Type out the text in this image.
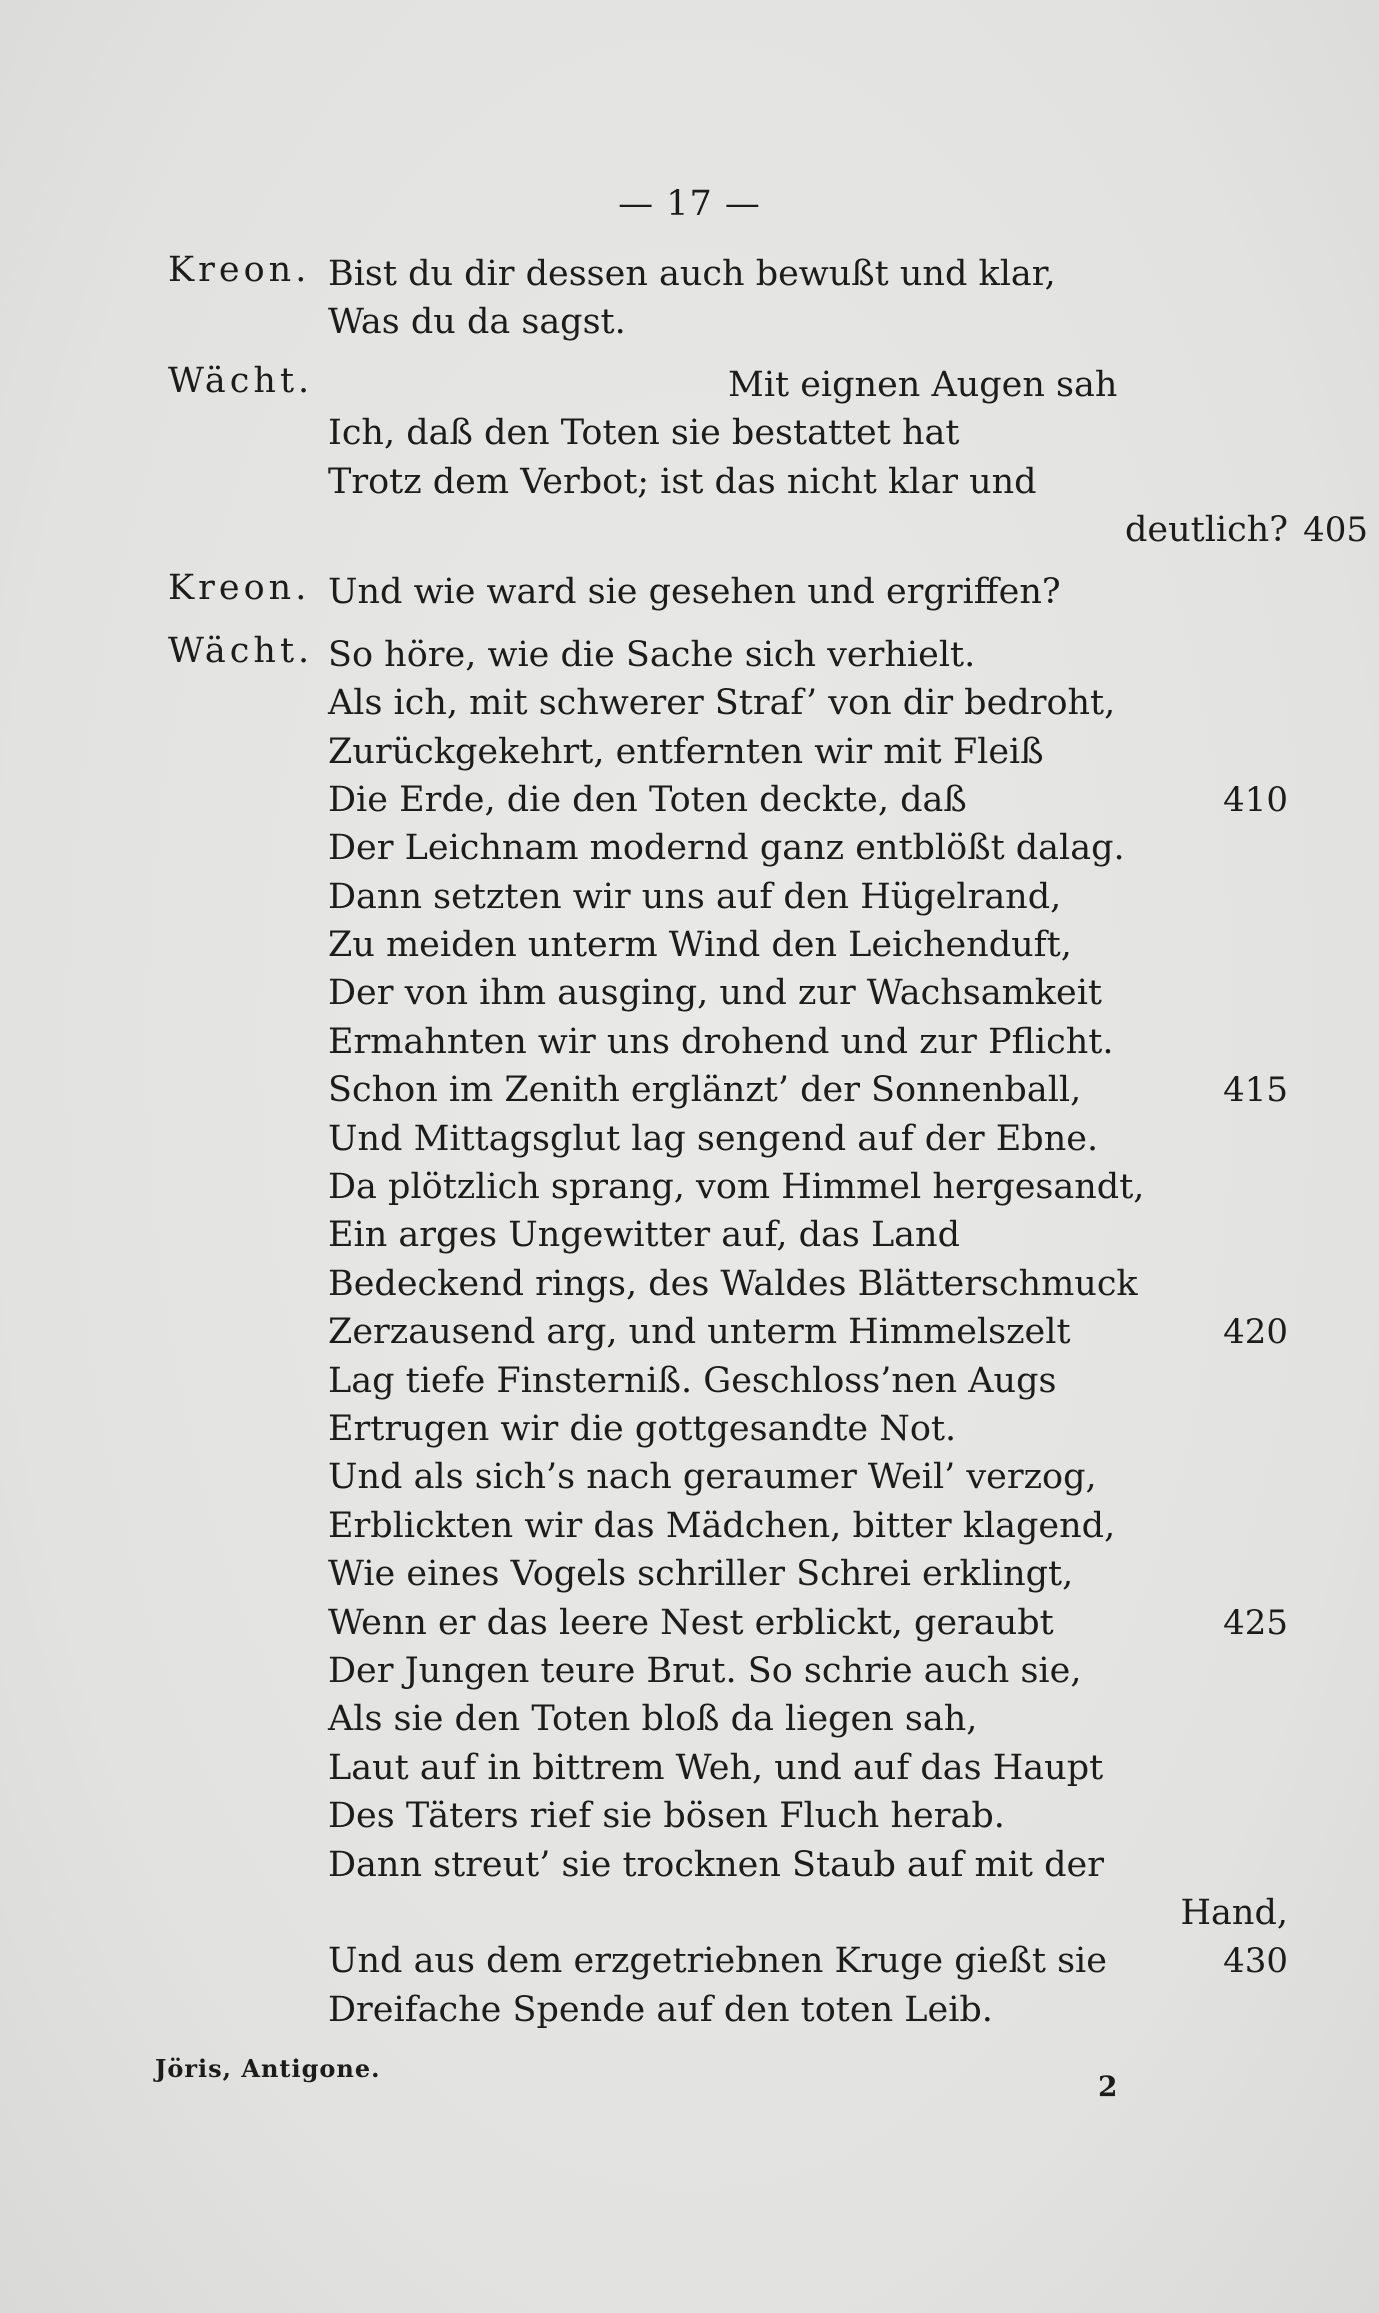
— 17 —
Kreon. Bist du dir dessen auch bewußt und klar,
Was du da sagst.
Wächt.	Mit eignen Augen sah
Ich, daß den Toten sie bestattet hat
Trotz dem Verbot; ist das nicht klar und
deutlich? 405
Kreon. Und wie ward sie gesehen und ergriffen?
Wächt. So höre, wie die Sache sich verhielt.
Als ich, mit schwerer Straf’ von dir bedroht,
Zurückgekehrt, entfernten wir mit Fleiß
Die Erde, die den Toten deckte, daß	410
Der Leichnam modernd ganz entblößt dalag.
Dann setzten wir uns auf den Hügelrand,
Zu meiden unterm Wind den Leichenduft,
Der von ihm ausging, und zur Wachsamkeit
Ermahnten wir uns drohend und zur Pflicht.
Schon im Zenith erglänzt’ der Sonnenball,	415
Und Mittagsglut lag sengend auf der Ebne.
Da plötzlich sprang, vom Himmel hergesandt,
Ein arges Ungewitter auf, das Land
Bedeckend rings, des Waldes Blätterschmuck
Zerzausend arg, und unterm Himmelszelt	420
Lag tiefe Finsterniß. Geschloss’nen Augs
Ertrugen wir die gottgesandte Not.
Und als sich’s nach geraumer Weil’ verzog,
Erblickten wir das Mädchen, bitter klagend,
Wie eines Vogels schriller Schrei erklingt,
Wenn er das leere Nest erblickt, geraubt	425
Der Jungen teure Brut. So schrie auch sie,
Als sie den Toten bloß da liegen sah,
Laut auf in bittrem Weh, und auf das Haupt
Des Täters rief sie bösen Fluch herab.
Dann streut’ sie trocknen Staub auf mit der
Hand,
Und aus dem erzgetriebnen Kruge gießt sie	430
Dreifache Spende auf den toten Leib.
Jöris, Antigone.
2
